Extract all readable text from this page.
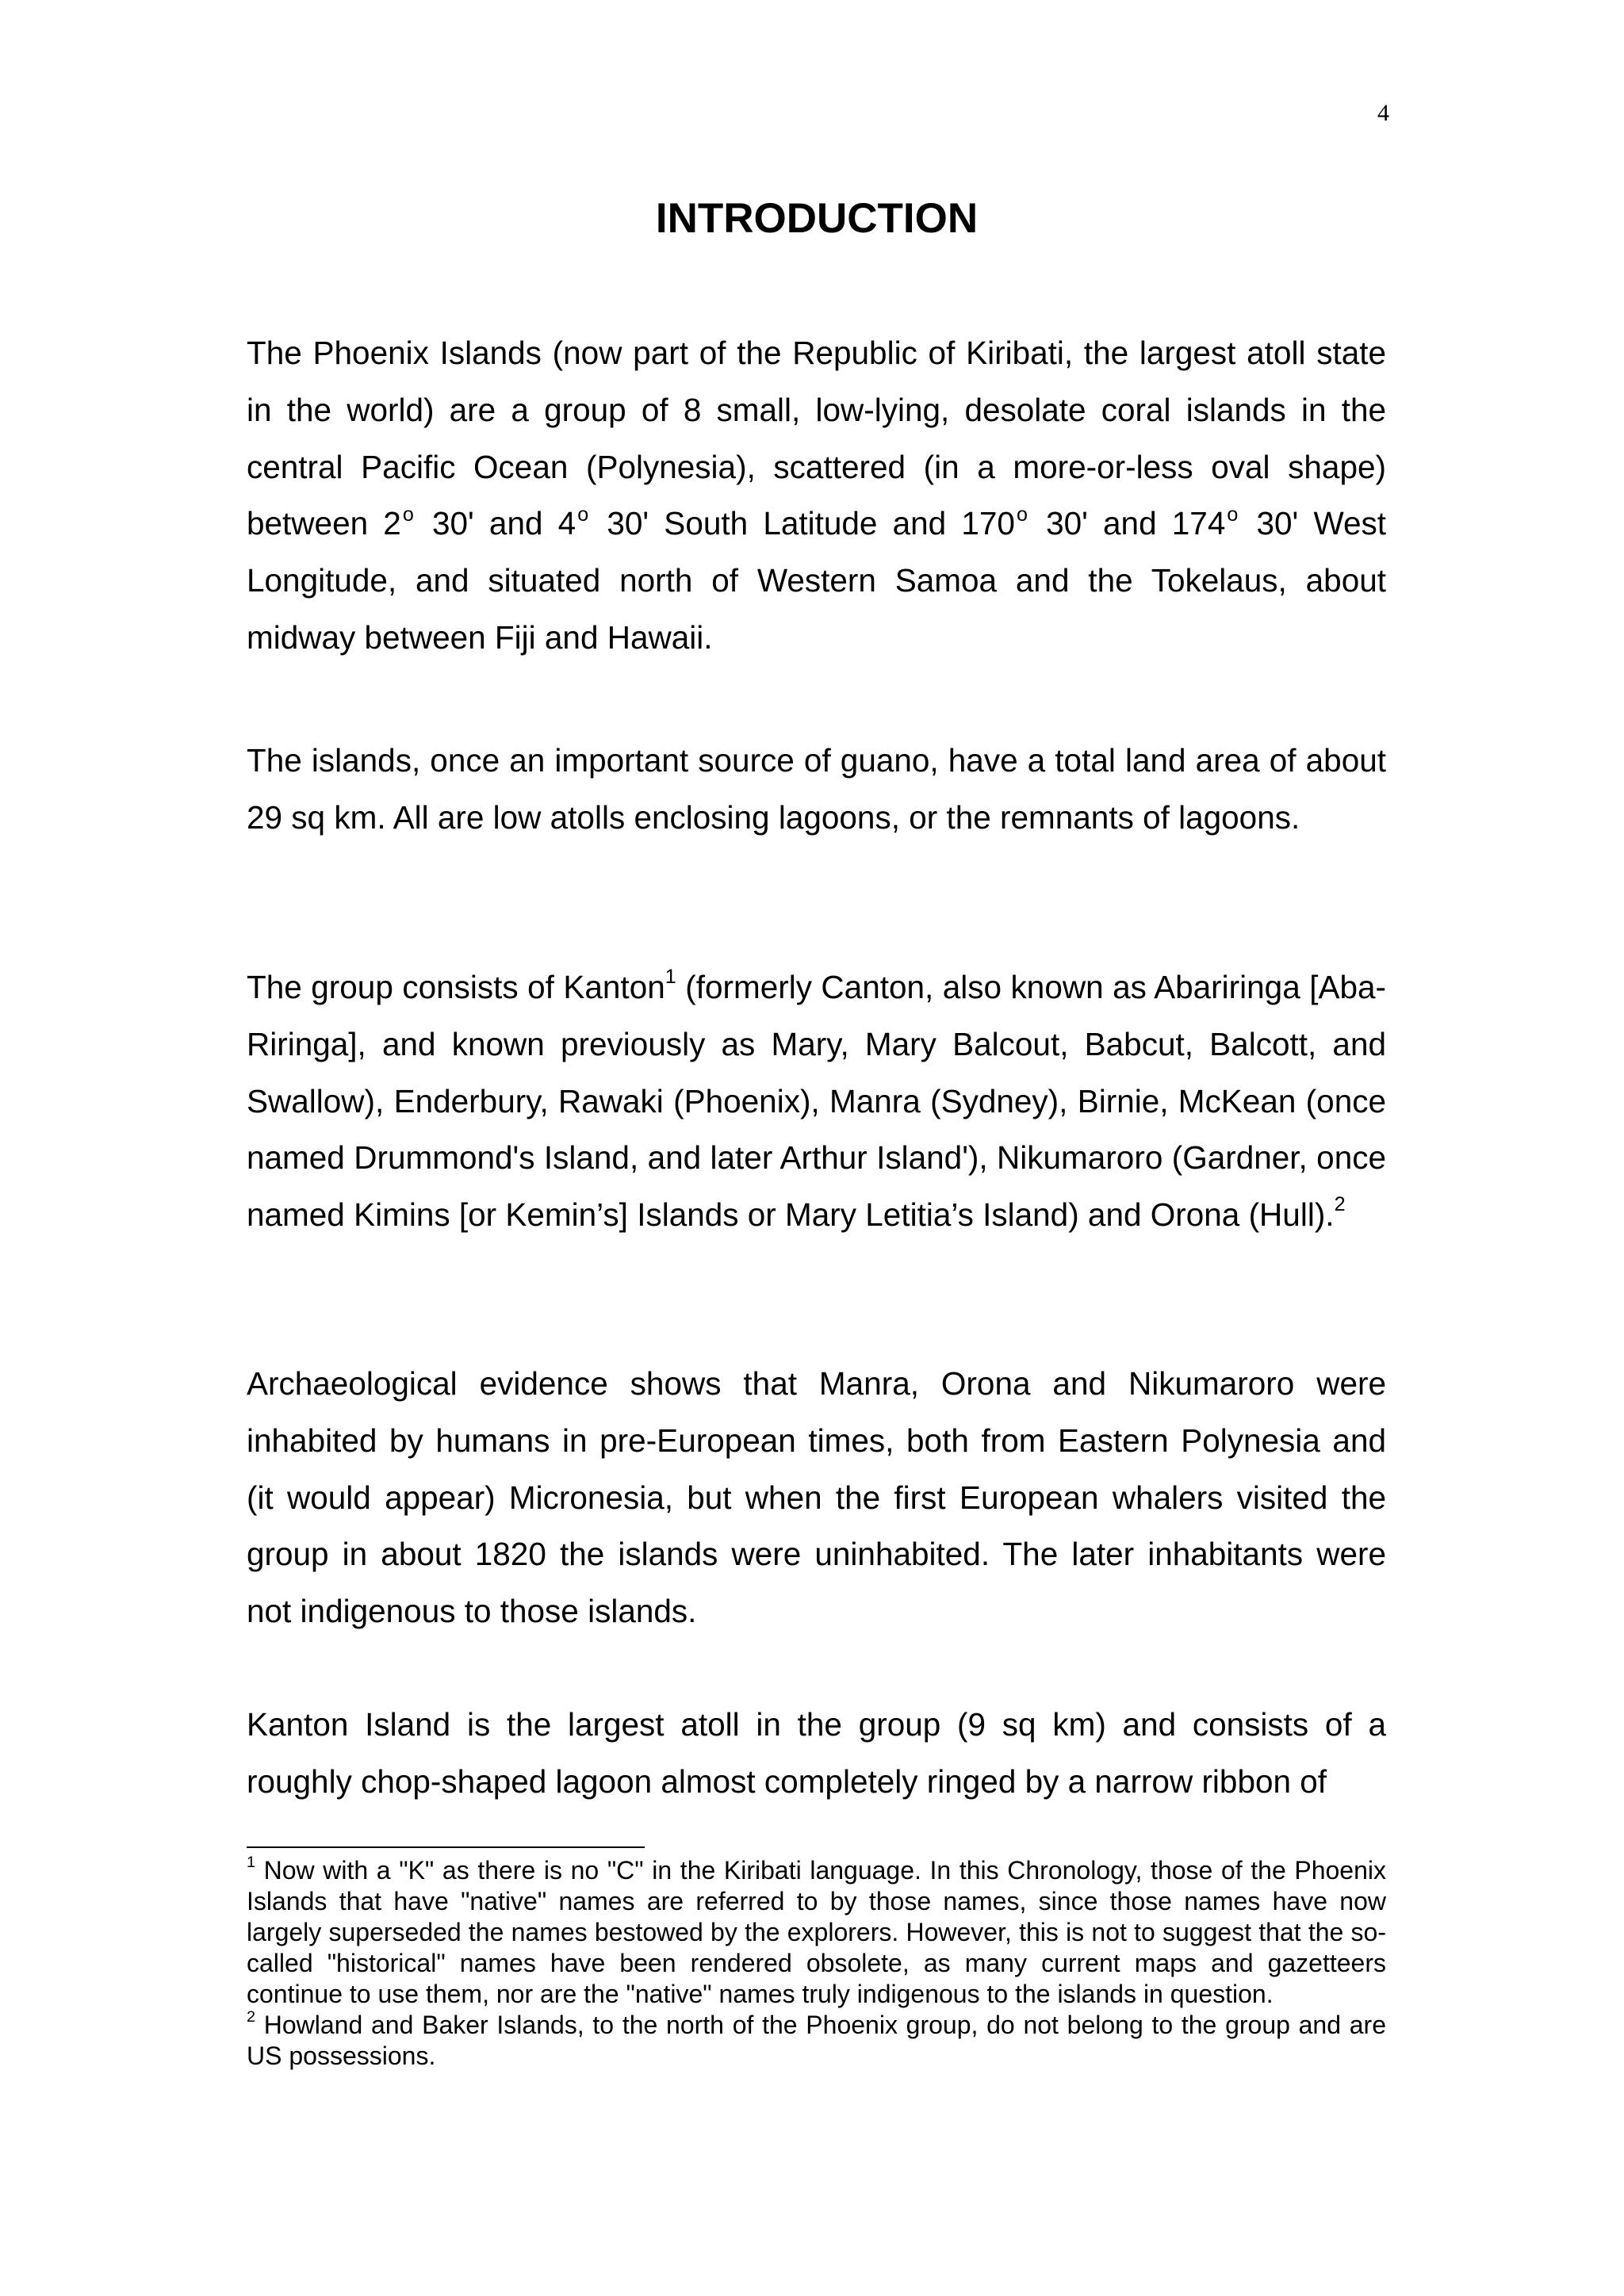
4
INTRODUCTION

The Phoenix Islands (now part of the Republic of Kiribati, the largest atoll state in the world) are a group of 8 small, low-lying, desolate coral islands in the central Pacific Ocean (Polynesia), scattered (in a more-or-less oval shape) between 2$^o$ 30' and 4$^o$ 30' South Latitude and 170$^o$ 30' and 174$^o$ 30' West Longitude, and situated north of Western Samoa and the Tokelaus, about midway between Fiji and Hawaii.

The islands, once an important source of guano, have a total land area of about 29 sq km. All are low atolls enclosing lagoons, or the remnants of lagoons.

The group consists of Kanton$^1$ (formerly Canton, also known as Abariringa [Aba-Riringa], and known previously as Mary, Mary Balcout, Babcut, Balcott, and Swallow), Enderbury, Rawaki (Phoenix), Manra (Sydney), Birnie, McKean (once named Drummond's Island, and later Arthur Island'), Nikumaroro (Gardner, once named Kimins [or Kemin’s] Islands or Mary Letitia’s Island) and Orona (Hull).$^2$

Archaeological evidence shows that Manra, Orona and Nikumaroro were inhabited by humans in pre-European times, both from Eastern Polynesia and (it would appear) Micronesia, but when the first European whalers visited the group in about 1820 the islands were uninhabited. The later inhabitants were not indigenous to those islands.

Kanton Island is the largest atoll in the group (9 sq km) and consists of a roughly chop-shaped lagoon almost completely ringed by a narrow ribbon of

$^1$ Now with a "K" as there is no "C" in the Kiribati language. In this Chronology, those of the Phoenix Islands that have "native" names are referred to by those names, since those names have now largely superseded the names bestowed by the explorers. However, this is not to suggest that the so-called "historical" names have been rendered obsolete, as many current maps and gazetteers continue to use them, nor are the "native" names truly indigenous to the islands in question.

$^2$ Howland and Baker Islands, to the north of the Phoenix group, do not belong to the group and are US possessions.
